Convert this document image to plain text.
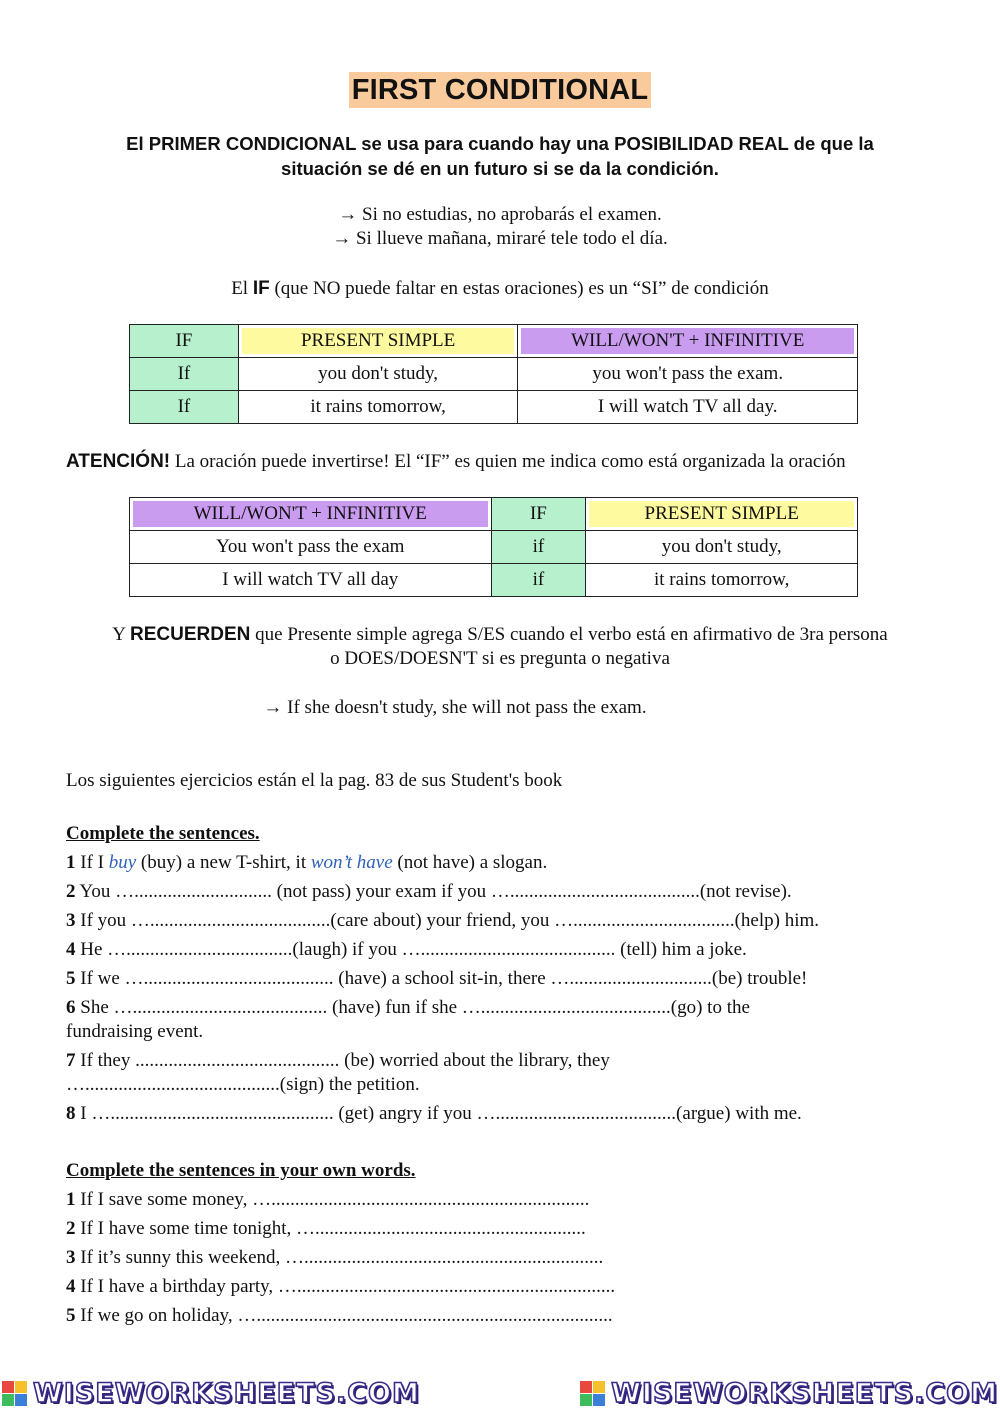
FIRST CONDITIONAL
El PRIMER CONDICIONAL se usa para cuando hay una POSIBILIDAD REAL de que la
situación se dé en un futuro si se da la condición.
→ Si no estudias, no aprobarás el examen.
→ Si llueve mañana, miraré tele todo el día.
El IF (que NO puede faltar en estas oraciones) es un “SI” de condición
IF	PRESENT SIMPLE	WILL/WON'T + INFINITIVE

If	you don't study,	you won't pass the exam.
If	it rains tomorrow,	I will watch TV all day.
ATENCIÓN! La oración puede invertirse! El “IF” es quien me indica como está organizada la oración
WILL/WON'T + INFINITIVE	IF	PRESENT SIMPLE

You won't pass the exam	if	you don't study,
I will watch TV all day	if	it rains tomorrow,
Y RECUERDEN que Presente simple agrega S/ES cuando el verbo está en afirmativo de 3ra persona
o DOES/DOESN'T si es pregunta o negativa
→ If she doesn't study, she will not pass the exam.
Los siguientes ejercicios están el la pag. 83 de sus Student's book
Complete the sentences.
1 If I buy (buy) a new T-shirt, it won’t have (not have) a slogan.
2 You …............................. (not pass) your exam if you …........................................(not revise).
3 If you …......................................(care about) your friend, you …..................................(help) him.
4 He …...................................(laugh) if you …......................................... (tell) him a joke.
5 If we …........................................ (have) a school sit-in, there …..............................(be) trouble!
6 She …......................................... (have) fun if she …........................................(go) to the
fundraising event.
7 If they ........................................... (be) worried about the library, they
….........................................(sign) the petition.
8 I …............................................... (get) angry if you …......................................(argue) with me.
Complete the sentences in your own words.
1 If I save some money, …...................................................................
2 If I have some time tonight, ….........................................................
3 If it’s sunny this weekend, …...............................................................
4 If I have a birthday party, …...................................................................
5 If we go on holiday, …...........................................................................
WISEWORKSHEETS.COM	WISEWORKSHEETS.COM
